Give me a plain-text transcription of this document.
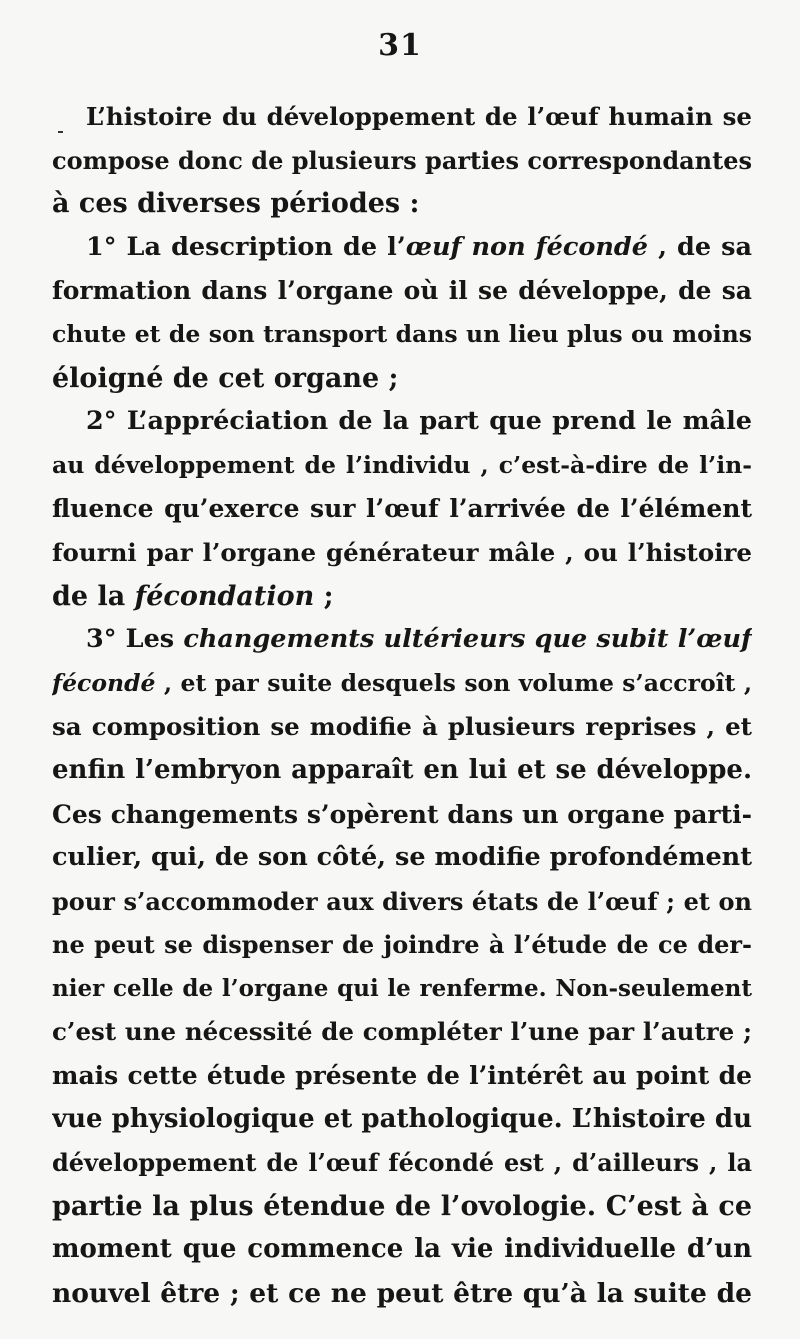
31
L’histoire du développement de l’œuf humain se
compose donc de plusieurs parties correspondantes
à ces diverses périodes :
1° La description de l’œuf non fécondé , de sa
formation dans l’organe où il se développe, de sa
chute et de son transport dans un lieu plus ou moins
éloigné de cet organe ;
2° L’appréciation de la part que prend le mâle
au développement de l’individu , c’est-à-dire de l’in-
fluence qu’exerce sur l’œuf l’arrivée de l’élément
fourni par l’organe générateur mâle , ou l’histoire
de la fécondation ;
3° Les changements ultérieurs que subit l’œuf
fécondé , et par suite desquels son volume s’accroît ,
sa composition se modifie à plusieurs reprises , et
enfin l’embryon apparaît en lui et se développe.
Ces changements s’opèrent dans un organe parti-
culier, qui, de son côté, se modifie profondément
pour s’accommoder aux divers états de l’œuf ; et on
ne peut se dispenser de joindre à l’étude de ce der-
nier celle de l’organe qui le renferme. Non-seulement
c’est une nécessité de compléter l’une par l’autre ;
mais cette étude présente de l’intérêt au point de
vue physiologique et pathologique. L’histoire du
développement de l’œuf fécondé est , d’ailleurs , la
partie la plus étendue de l’ovologie. C’est à ce
moment que commence la vie individuelle d’un
nouvel être ; et ce ne peut être qu’à la suite de
